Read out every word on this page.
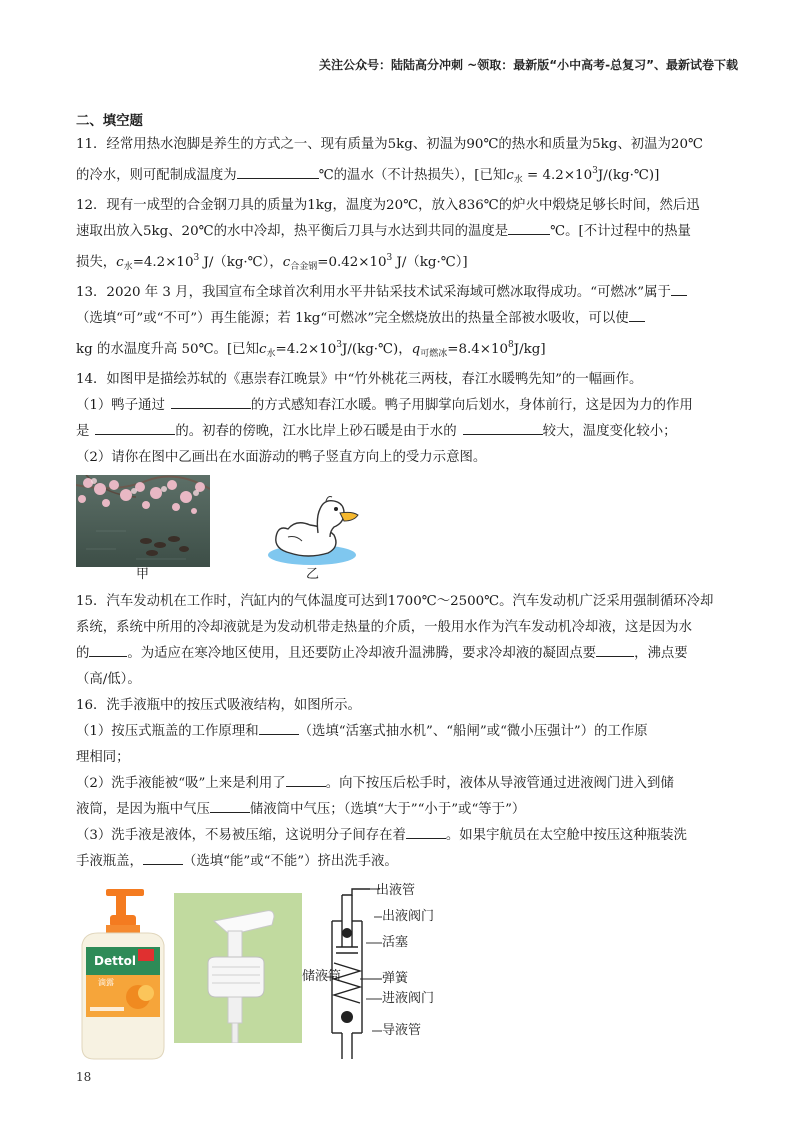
关注公众号：陆陆高分冲刺 ~领取：最新版“小中高考-总复习”、最新试卷下载
二、填空题

11．经常用热水泡脚是养生的方式之一、现有质量为5kg、初温为90℃的热水和质量为5kg、初温为20℃

的冷水，则可配制成温度为	℃的温水（不计热损失），[已知$c_水$ = $4.2\times 10^3J/(kg\cdot℃)$]

12．现有一成型的合金钢刀具的质量为1kg，温度为20℃，放入836℃的炉火中煅烧足够长时间，然后迅

速取出放入5kg、20℃的水中冷却，热平衡后刀具与水达到共同的温度是	℃。[不计过程中的热量

损失，$c_水=4.2\times 10^3$ J/（kg·℃），$c_{合金钢}=0.42\times 10^3$ J/（kg·℃）]

13．2020 年 3 月，我国宣布全球首次利用水平井钻采技术试采海域可燃冰取得成功。“可燃冰”属于

（选填“可”或“不可”）再生能源；若 1kg“可燃冰”完全燃烧放出的热量全部被水吸收，可以使

kg 的水温度升高 50℃。[已知$c_水=4.2\times 10^3J/(kg\cdot℃)$，$q_{可燃冰}=8.4\times 10^8J/kg$]

14．如图甲是描绘苏轼的《惠崇春江晚景》中“竹外桃花三两枝，春江水暖鸭先知”的一幅画作。

（1）鸭子通过	的方式感知春江水暖。鸭子用脚掌向后划水，身体前行，这是因为力的作用

是	的。初春的傍晚，江水比岸上砂石暖是由于水的	较大，温度变化较小；

（2）请你在图中乙画出在水面游动的鸭子竖直方向上的受力示意图。

甲	乙

15．汽车发动机在工作时，汽缸内的气体温度可达到1700℃～2500℃。汽车发动机广泛采用强制循环冷却

系统，系统中所用的冷却液就是为发动机带走热量的介质，一般用水作为汽车发动机冷却液，这是因为水

的	。为适应在寒冷地区使用，且还要防止冷却液升温沸腾，要求冷却液的凝固点要	，沸点要

（高/低）。

16．洗手液瓶中的按压式吸液结构，如图所示。

（1）按压式瓶盖的工作原理和	（选填“活塞式抽水机”、“船闸”或“微小压强计”）的工作原

理相同；

（2）洗手液能被“吸”上来是利用了	。向下按压后松手时，液体从导液管通过进液阀门进入到储

液筒，是因为瓶中气压	储液筒中气压；（选填“大于”“小于”或“等于”）

（3）洗手液是液体，不易被压缩，这说明分子间存在着	。如果宇航员在太空舱中按压这种瓶装洗

手液瓶盖，	（选填“能”或“不能”）挤出洗手液。

Dettol
滴露
出液管
出液阀门
活塞
储液筒	弹簧
进液阀门
导液管
18
